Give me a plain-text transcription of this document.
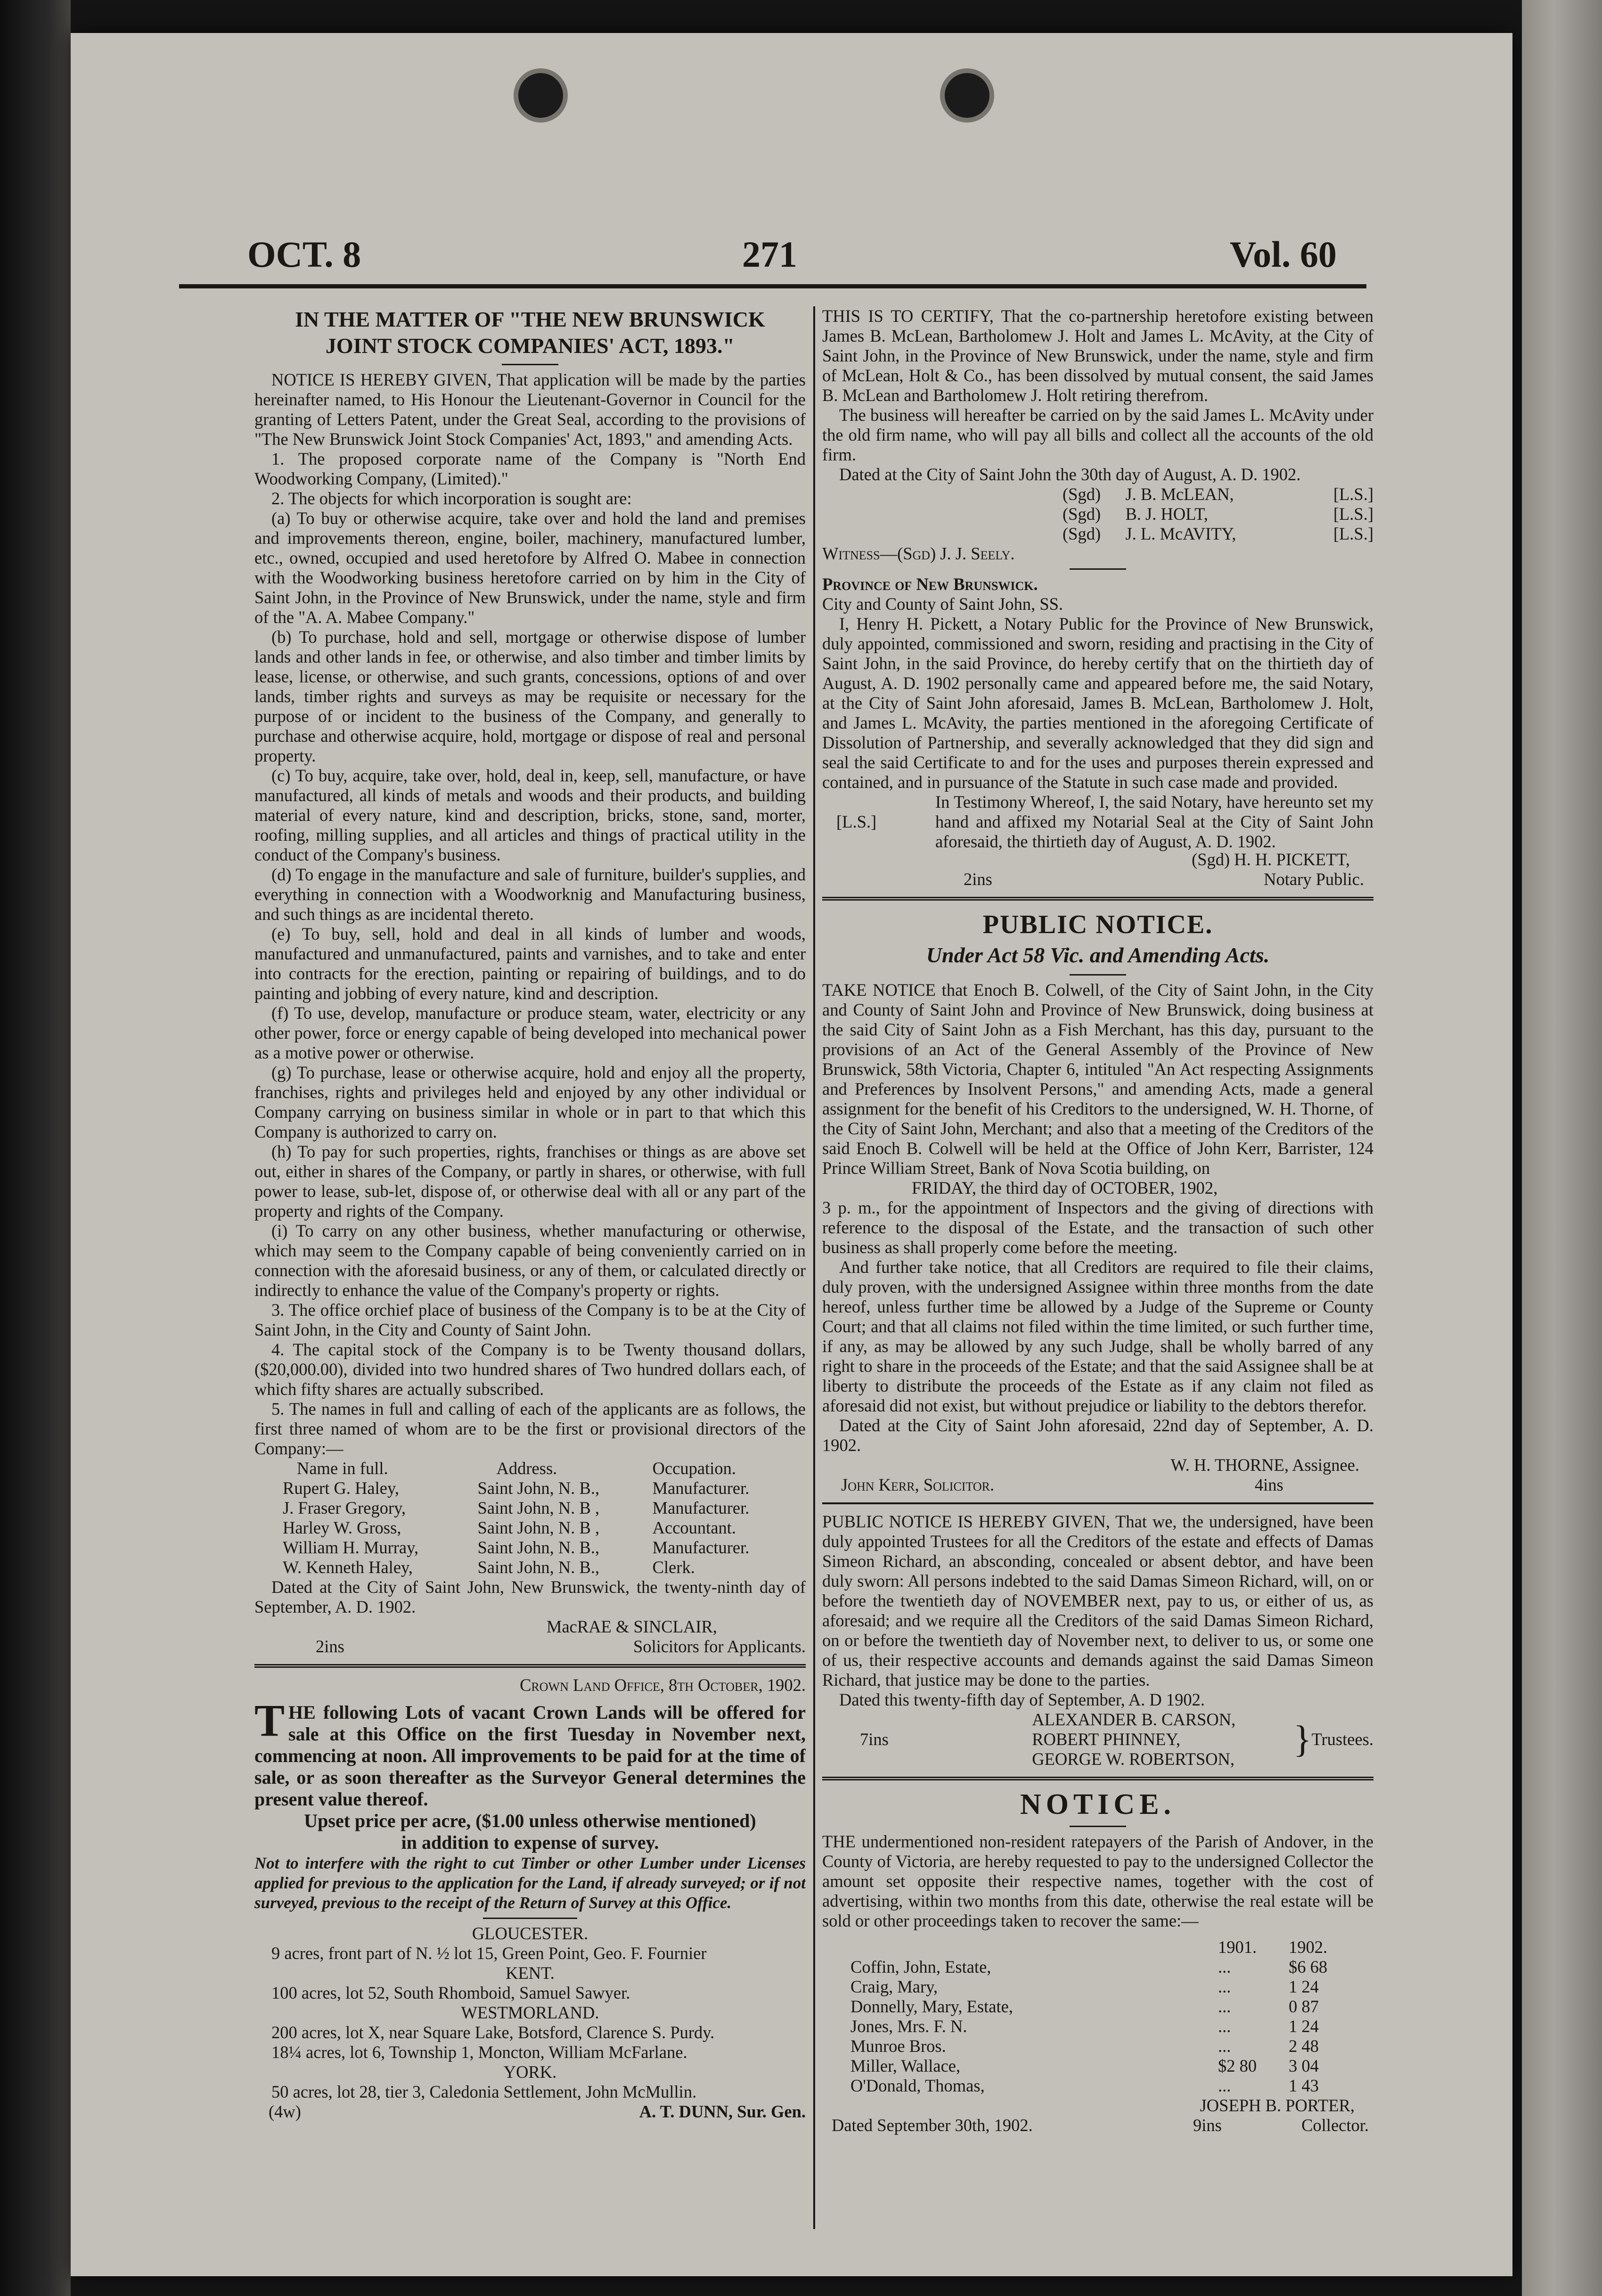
OCT. 8	271	Vol. 60

IN THE MATTER OF "THE NEW BRUNSWICK

JOINT STOCK COMPANIES' ACT, 1893."

NOTICE IS HEREBY GIVEN, That application will be made by the parties hereinafter named, to His Honour the Lieutenant-Governor in Council for the granting of Letters Patent, under the Great Seal, according to the provisions of "The New Brunswick Joint Stock Companies' Act, 1893," and amending Acts.

1. The proposed corporate name of the Company is "North End Woodworking Company, (Limited)."

2. The objects for which incorporation is sought are:

(a) To buy or otherwise acquire, take over and hold the land and premises and improvements thereon, engine, boiler, machinery, manufactured lumber, etc., owned, occupied and used heretofore by Alfred O. Mabee in connection with the Woodworking business heretofore carried on by him in the City of Saint John, in the Province of New Brunswick, under the name, style and firm of the "A. A. Mabee Company."

(b) To purchase, hold and sell, mortgage or otherwise dispose of lumber lands and other lands in fee, or otherwise, and also timber and timber limits by lease, license, or otherwise, and such grants, concessions, options of and over lands, timber rights and surveys as may be requisite or necessary for the purpose of or incident to the business of the Company, and generally to purchase and otherwise acquire, hold, mortgage or dispose of real and personal property.

(c) To buy, acquire, take over, hold, deal in, keep, sell, manufacture, or have manufactured, all kinds of metals and woods and their products, and building material of every nature, kind and description, bricks, stone, sand, morter, roofing, milling supplies, and all articles and things of practical utility in the conduct of the Company's business.

(d) To engage in the manufacture and sale of furniture, builder's supplies, and everything in connection with a Woodworknig and Manufacturing business, and such things as are incidental thereto.

(e) To buy, sell, hold and deal in all kinds of lumber and woods, manufactured and unmanufactured, paints and varnishes, and to take and enter into contracts for the erection, painting or repairing of buildings, and to do painting and jobbing of every nature, kind and description.

(f) To use, develop, manufacture or produce steam, water, electricity or any other power, force or energy capable of being developed into mechanical power as a motive power or otherwise.

(g) To purchase, lease or otherwise acquire, hold and enjoy all the property, franchises, rights and privileges held and enjoyed by any other individual or Company carrying on business similar in whole or in part to that which this Company is authorized to carry on.

(h) To pay for such properties, rights, franchises or things as are above set out, either in shares of the Company, or partly in shares, or otherwise, with full power to lease, sub-let, dispose of, or otherwise deal with all or any part of the property and rights of the Company.

(i) To carry on any other business, whether manufacturing or otherwise, which may seem to the Company capable of being conveniently carried on in connection with the aforesaid business, or any of them, or calculated directly or indirectly to enhance the value of the Company's property or rights.

3. The office orchief place of business of the Company is to be at the City of Saint John, in the City and County of Saint John.

4. The capital stock of the Company is to be Twenty thousand dollars, ($20,000.00), divided into two hundred shares of Two hundred dollars each, of which fifty shares are actually subscribed.

5. The names in full and calling of each of the applicants are as follows, the first three named of whom are to be the first or provisional directors of the Company:—

Name in full.	Address.	Occupation.
Rupert G. Haley,	Saint John, N. B.,	Manufacturer.
J. Fraser Gregory,	Saint John, N. B ,	Manufacturer.
Harley W. Gross,	Saint John, N. B ,	Accountant.
William H. Murray,	Saint John, N. B.,	Manufacturer.
W. Kenneth Haley,	Saint John, N. B.,	Clerk.

Dated at the City of Saint John, New Brunswick, the twenty-ninth day of September, A. D. 1902.

MacRAE & SINCLAIR,

2ins	Solicitors for Applicants.

Crown Land Office, 8th October, 1902.

THE following Lots of vacant Crown Lands will be offered for sale at this Office on the first Tuesday in November next, commencing at noon. All improvements to be paid for at the time of sale, or as soon thereafter as the Surveyor General determines the present value thereof.

Upset price per acre, ($1.00 unless otherwise mentioned)

in addition to expense of survey.

Not to interfere with the right to cut Timber or other Lumber under Licenses applied for previous to the application for the Land, if already surveyed; or if not surveyed, previous to the receipt of the Return of Survey at this Office.

GLOUCESTER.

9 acres, front part of N. ½ lot 15, Green Point, Geo. F. Fournier

KENT.

100 acres, lot 52, South Rhomboid, Samuel Sawyer.

WESTMORLAND.

200 acres, lot X, near Square Lake, Botsford, Clarence S. Purdy.

18¼ acres, lot 6, Township 1, Moncton, William McFarlane.

YORK.

50 acres, lot 28, tier 3, Caledonia Settlement, John McMullin.

(4w)	A. T. DUNN, Sur. Gen.

THIS IS TO CERTIFY, That the co-partnership heretofore existing between James B. McLean, Bartholomew J. Holt and James L. McAvity, at the City of Saint John, in the Province of New Brunswick, under the name, style and firm of McLean, Holt & Co., has been dissolved by mutual consent, the said James B. McLean and Bartholomew J. Holt retiring therefrom.

The business will hereafter be carried on by the said James L. McAvity under the old firm name, who will pay all bills and collect all the accounts of the old firm.

Dated at the City of Saint John the 30th day of August, A. D. 1902.

(Sgd)	J. B. McLEAN,	[L.S.]
(Sgd)	B. J. HOLT,	[L.S.]
(Sgd)	J. L. McAVITY,	[L.S.]

Witness—(Sgd) J. J. Seely.

Province of New Brunswick.

City and County of Saint John, SS.

I, Henry H. Pickett, a Notary Public for the Province of New Brunswick, duly appointed, commissioned and sworn, residing and practising in the City of Saint John, in the said Province, do hereby certify that on the thirtieth day of August, A. D. 1902 personally came and appeared before me, the said Notary, at the City of Saint John aforesaid, James B. McLean, Bartholomew J. Holt, and James L. McAvity, the parties mentioned in the aforegoing Certificate of Dissolution of Partnership, and severally acknowledged that they did sign and seal the said Certificate to and for the uses and purposes therein expressed and contained, and in pursuance of the Statute in such case made and provided.

In Testimony Whereof, I, the said Notary, have hereunto set my hand and affixed my Notarial Seal at the City of Saint John aforesaid, the thirtieth day of August, A. D. 1902.

[L.S.]

(Sgd) H. H. PICKETT,

2ins	Notary Public.

PUBLIC NOTICE.

Under Act 58 Vic. and Amending Acts.

TAKE NOTICE that Enoch B. Colwell, of the City of Saint John, in the City and County of Saint John and Province of New Brunswick, doing business at the said City of Saint John as a Fish Merchant, has this day, pursuant to the provisions of an Act of the General Assembly of the Province of New Brunswick, 58th Victoria, Chapter 6, intituled "An Act respecting Assignments and Preferences by Insolvent Persons," and amending Acts, made a general assignment for the benefit of his Creditors to the undersigned, W. H. Thorne, of the City of Saint John, Merchant; and also that a meeting of the Creditors of the said Enoch B. Colwell will be held at the Office of John Kerr, Barrister, 124 Prince William Street, Bank of Nova Scotia building, on

FRIDAY, the third day of OCTOBER, 1902,

3 p. m., for the appointment of Inspectors and the giving of directions with reference to the disposal of the Estate, and the transaction of such other business as shall properly come before the meeting.

And further take notice, that all Creditors are required to file their claims, duly proven, with the undersigned Assignee within three months from the date hereof, unless further time be allowed by a Judge of the Supreme or County Court; and that all claims not filed within the time limited, or such further time, if any, as may be allowed by any such Judge, shall be wholly barred of any right to share in the proceeds of the Estate; and that the said Assignee shall be at liberty to distribute the proceeds of the Estate as if any claim not filed as aforesaid did not exist, but without prejudice or liability to the debtors therefor.

Dated at the City of Saint John aforesaid, 22nd day of September, A. D. 1902.

W. H. THORNE, Assignee.

John Kerr, Solicitor.	4ins

PUBLIC NOTICE IS HEREBY GIVEN, That we, the undersigned, have been duly appointed Trustees for all the Creditors of the estate and effects of Damas Simeon Richard, an absconding, concealed or absent debtor, and have been duly sworn: All persons indebted to the said Damas Simeon Richard, will, on or before the twentieth day of NOVEMBER next, pay to us, or either of us, as aforesaid; and we require all the Creditors of the said Damas Simeon Richard, on or before the twentieth day of November next, to deliver to us, or some one of us, their respective accounts and demands against the said Damas Simeon Richard, that justice may be done to the parties.

Dated this twenty-fifth day of September, A. D 1902.

7ins	
ALEXANDER B. CARSON,
ROBERT PHINNEY,
GEORGE W. ROBERTSON,	}	Trustees.

NOTICE.

THE undermentioned non-resident ratepayers of the Parish of Andover, in the County of Victoria, are hereby requested to pay to the undersigned Collector the amount set opposite their respective names, together with the cost of advertising, within two months from this date, otherwise the real estate will be sold or other proceedings taken to recover the same:—

	1901.	1902.
Coffin, John, Estate,	...	$6 68
Craig, Mary,	...	1 24
Donnelly, Mary, Estate,	...	0 87
Jones, Mrs. F. N.	...	1 24
Munroe Bros.	...	2 48
Miller, Wallace,	$2 80	3 04
O'Donald, Thomas,	...	1 43

JOSEPH B. PORTER,

Dated September 30th, 1902.	9ins	Collector.
